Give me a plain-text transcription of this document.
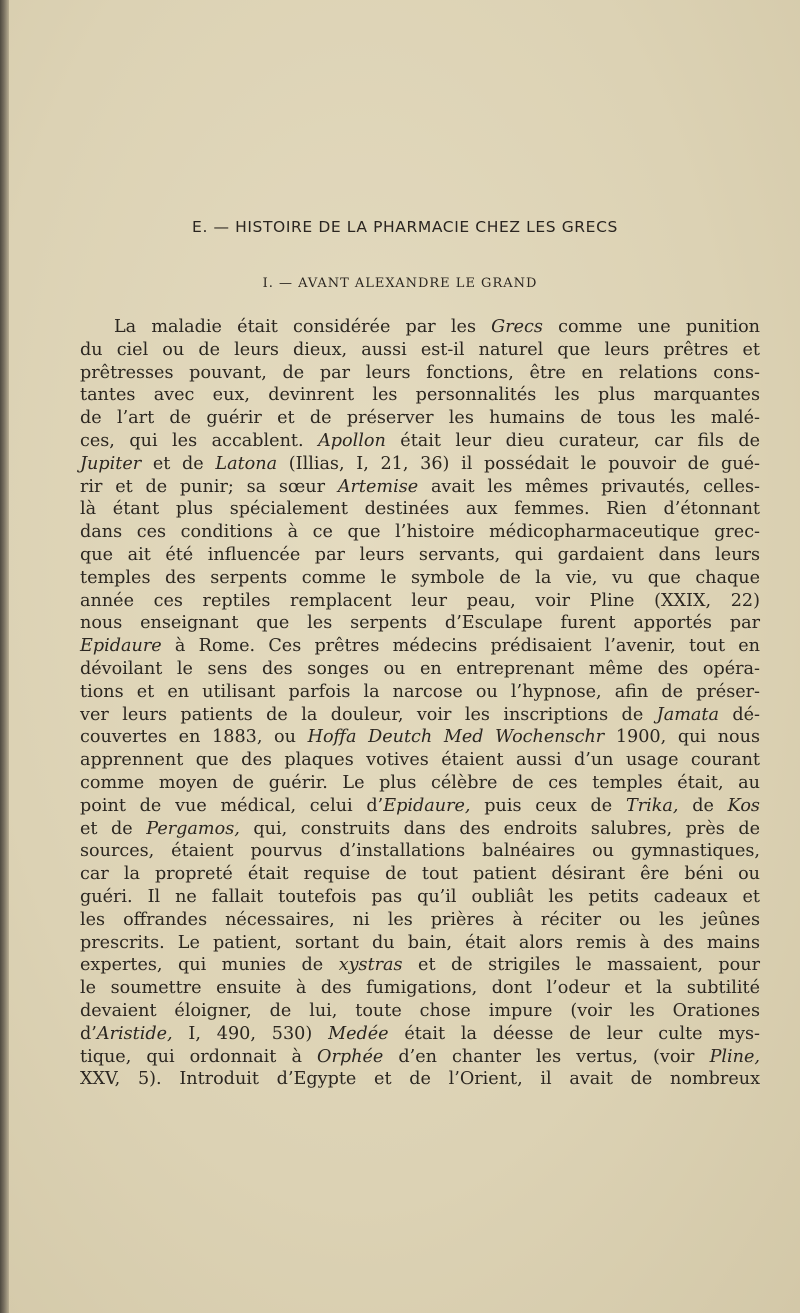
E. — HISTOIRE DE LA PHARMACIE CHEZ LES GRECS
I. — AVANT ALEXANDRE LE GRAND
La maladie était considérée par les Grecs comme une punition
du ciel ou de leurs dieux, aussi est-il naturel que leurs prêtres et
prêtresses pouvant, de par leurs fonctions, être en relations cons-
tantes avec eux, devinrent les personnalités les plus marquantes
de l’art de guérir et de préserver les humains de tous les malé-
ces, qui les accablent. Apollon était leur dieu curateur, car fils de
Jupiter et de Latona (Illias, I, 21, 36) il possédait le pouvoir de gué-
rir et de punir; sa sœur Artemise avait les mêmes privautés, celles-
là étant plus spécialement destinées aux femmes. Rien d’étonnant
dans ces conditions à ce que l’histoire médicopharmaceutique grec-
que ait été influencée par leurs servants, qui gardaient dans leurs
temples des serpents comme le symbole de la vie, vu que chaque
année ces reptiles remplacent leur peau, voir Pline (XXIX, 22)
nous enseignant que les serpents d’Esculape furent apportés par
Epidaure à Rome. Ces prêtres médecins prédisaient l’avenir, tout en
dévoilant le sens des songes ou en entreprenant même des opéra-
tions et en utilisant parfois la narcose ou l’hypnose, afin de préser-
ver leurs patients de la douleur, voir les inscriptions de Jamata dé-
couvertes en 1883, ou Hoffa Deutch Med Wochenschr 1900, qui nous
apprennent que des plaques votives étaient aussi d’un usage courant
comme moyen de guérir. Le plus célèbre de ces temples était, au
point de vue médical, celui d’Epidaure, puis ceux de Trika, de Kos
et de Pergamos, qui, construits dans des endroits salubres, près de
sources, étaient pourvus d’installations balnéaires ou gymnastiques,
car la propreté était requise de tout patient désirant êre béni ou
guéri. Il ne fallait toutefois pas qu’il oubliât les petits cadeaux et
les offrandes nécessaires, ni les prières à réciter ou les jeûnes
prescrits. Le patient, sortant du bain, était alors remis à des mains
expertes, qui munies de xystras et de strigiles le massaient, pour
le soumettre ensuite à des fumigations, dont l’odeur et la subtilité
devaient éloigner, de lui, toute chose impure (voir les Orationes
d’Aristide, I, 490, 530) Medée était la déesse de leur culte mys-
tique, qui ordonnait à Orphée d’en chanter les vertus, (voir Pline,
XXV, 5). Introduit d’Egypte et de l’Orient, il avait de nombreux
